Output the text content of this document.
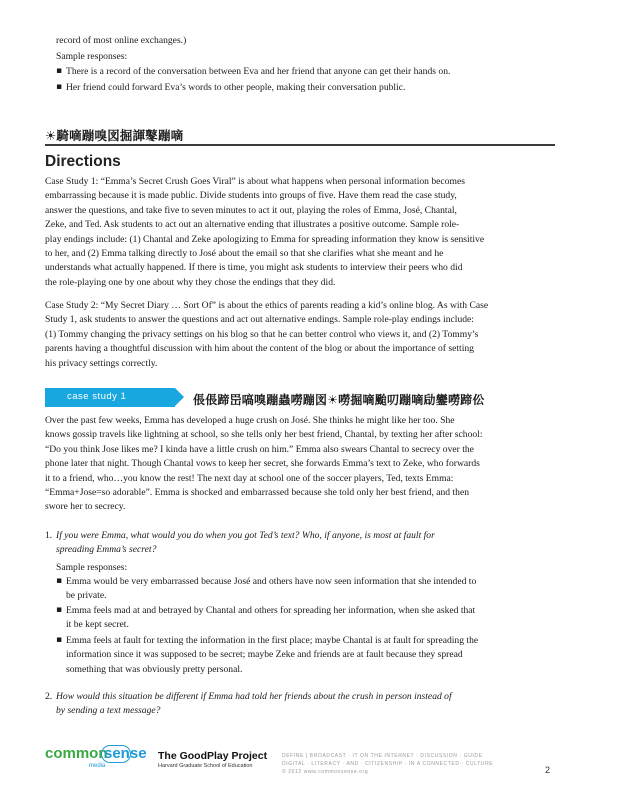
record of most online exchanges.)
Sample responses:
▪ There is a record of the conversation between Eva and her friend that anyone can get their hands on.
▪ Her friend could forward Eva’s words to other people, making their conversation public.
☀騎嘀蹦嗅図掘諢鼕蹦嘀
Directions
Case Study 1: “Emma’s Secret Crush Goes Viral” is about what happens when personal information becomes
embarrassing because it is made public. Divide students into groups of five. Have them read the case study,
answer the questions, and take five to seven minutes to act it out, playing the roles of Emma, José, Chantal,
Zeke, and Ted. Ask students to act out an alternative ending that illustrates a positive outcome. Sample role-
play endings include: (1) Chantal and Zeke apologizing to Emma for spreading information they know is sensitive
to her, and (2) Emma talking directly to José about the email so that she clarifies what she meant and he
understands what actually happened. If there is time, you might ask students to interview their peers who did
the role-playing one by one about why they chose the endings that they did.
Case Study 2: “My Secret Diary … Sort Of” is about the ethics of parents reading a kid’s online blog. As with Case
Study 1, ask students to answer the questions and act out alternative endings. Sample role-play endings include:
(1) Tommy changing the privacy settings on his blog so that he can better control who views it, and (2) Tommy’s
parents having a thoughtful discussion with him about the content of the blog or about the importance of setting
his privacy settings correctly.
case study 1	倀倀蹄岊嗃嗅蹦蟲嘮蹦図☀嘮掘嘀颱叨蹦嘀劶鑾嘮蹄伀
Over the past few weeks, Emma has developed a huge crush on José. She thinks he might like her too. She
knows gossip travels like lightning at school, so she tells only her best friend, Chantal, by texting her after school:
“Do you think Jose likes me? I kinda have a little crush on him.” Emma also swears Chantal to secrecy over the
phone later that night. Though Chantal vows to keep her secret, she forwards Emma’s text to Zeke, who forwards
it to a friend, who…you know the rest! The next day at school one of the soccer players, Ted, texts Emma:
“Emma+Jose=so adorable”. Emma is shocked and embarrassed because she told only her best friend, and then
swore her to secrecy.
1. If you were Emma, what would you do when you got Ted’s text? Who, if anyone, is most at fault for
spreading Emma’s secret?
Sample responses:
▪ Emma would be very embarrassed because José and others have now seen information that she intended to
be private.
▪ Emma feels mad at and betrayed by Chantal and others for spreading her information, when she asked that
it be kept secret.
▪ Emma feels at fault for texting the information in the first place; maybe Chantal is at fault for spreading the
information since it was supposed to be secret; maybe Zeke and friends are at fault because they spread
something that was obviously pretty personal.
2. How would this situation be different if Emma had told her friends about the crush in person instead of
by sending a text message?
common
sense
media
The GoodPlay Project
Harvard Graduate School of Education
DEFINE | BROADCAST · IT ON THE INTERNET · DISCUSSION · GUIDE
DIGITAL · LITERACY · AND · CITIZENSHIP · IN A CONNECTED · CULTURE
© 2012 www.commonsense.org	2
